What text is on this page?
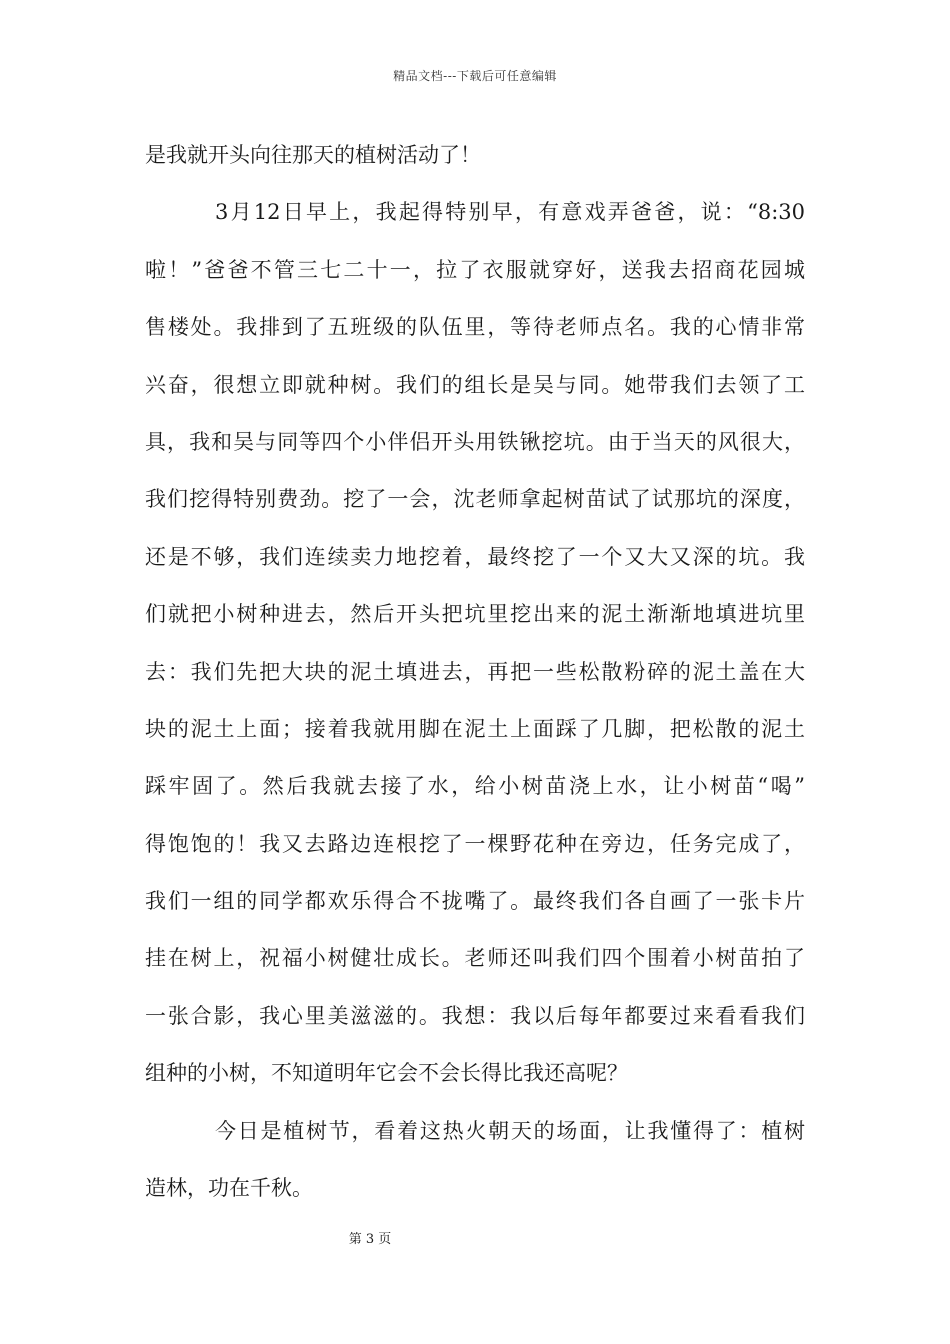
精品文档---下载后可任意编辑
是我就开头向往那天的植树活动了！
3月12日早上，我起得特别早，有意戏弄爸爸，说：“8:30
啦！”爸爸不管三七二十一，拉了衣服就穿好，送我去招商花园城
售楼处。我排到了五班级的队伍里，等待老师点名。我的心情非常
兴奋，很想立即就种树。我们的组长是吴与同。她带我们去领了工
具，我和吴与同等四个小伴侣开头用铁锹挖坑。由于当天的风很大，
我们挖得特别费劲。挖了一会，沈老师拿起树苗试了试那坑的深度，
还是不够，我们连续卖力地挖着，最终挖了一个又大又深的坑。我
们就把小树种进去，然后开头把坑里挖出来的泥土渐渐地填进坑里
去：我们先把大块的泥土填进去，再把一些松散粉碎的泥土盖在大
块的泥土上面；接着我就用脚在泥土上面踩了几脚，把松散的泥土
踩牢固了。然后我就去接了水，给小树苗浇上水，让小树苗“喝”
得饱饱的！我又去路边连根挖了一棵野花种在旁边，任务完成了，
我们一组的同学都欢乐得合不拢嘴了。最终我们各自画了一张卡片
挂在树上，祝福小树健壮成长。老师还叫我们四个围着小树苗拍了
一张合影，我心里美滋滋的。我想：我以后每年都要过来看看我们
组种的小树，不知道明年它会不会长得比我还高呢？
今日是植树节，看着这热火朝天的场面，让我懂得了：植树
造林，功在千秋。
第 3 页
